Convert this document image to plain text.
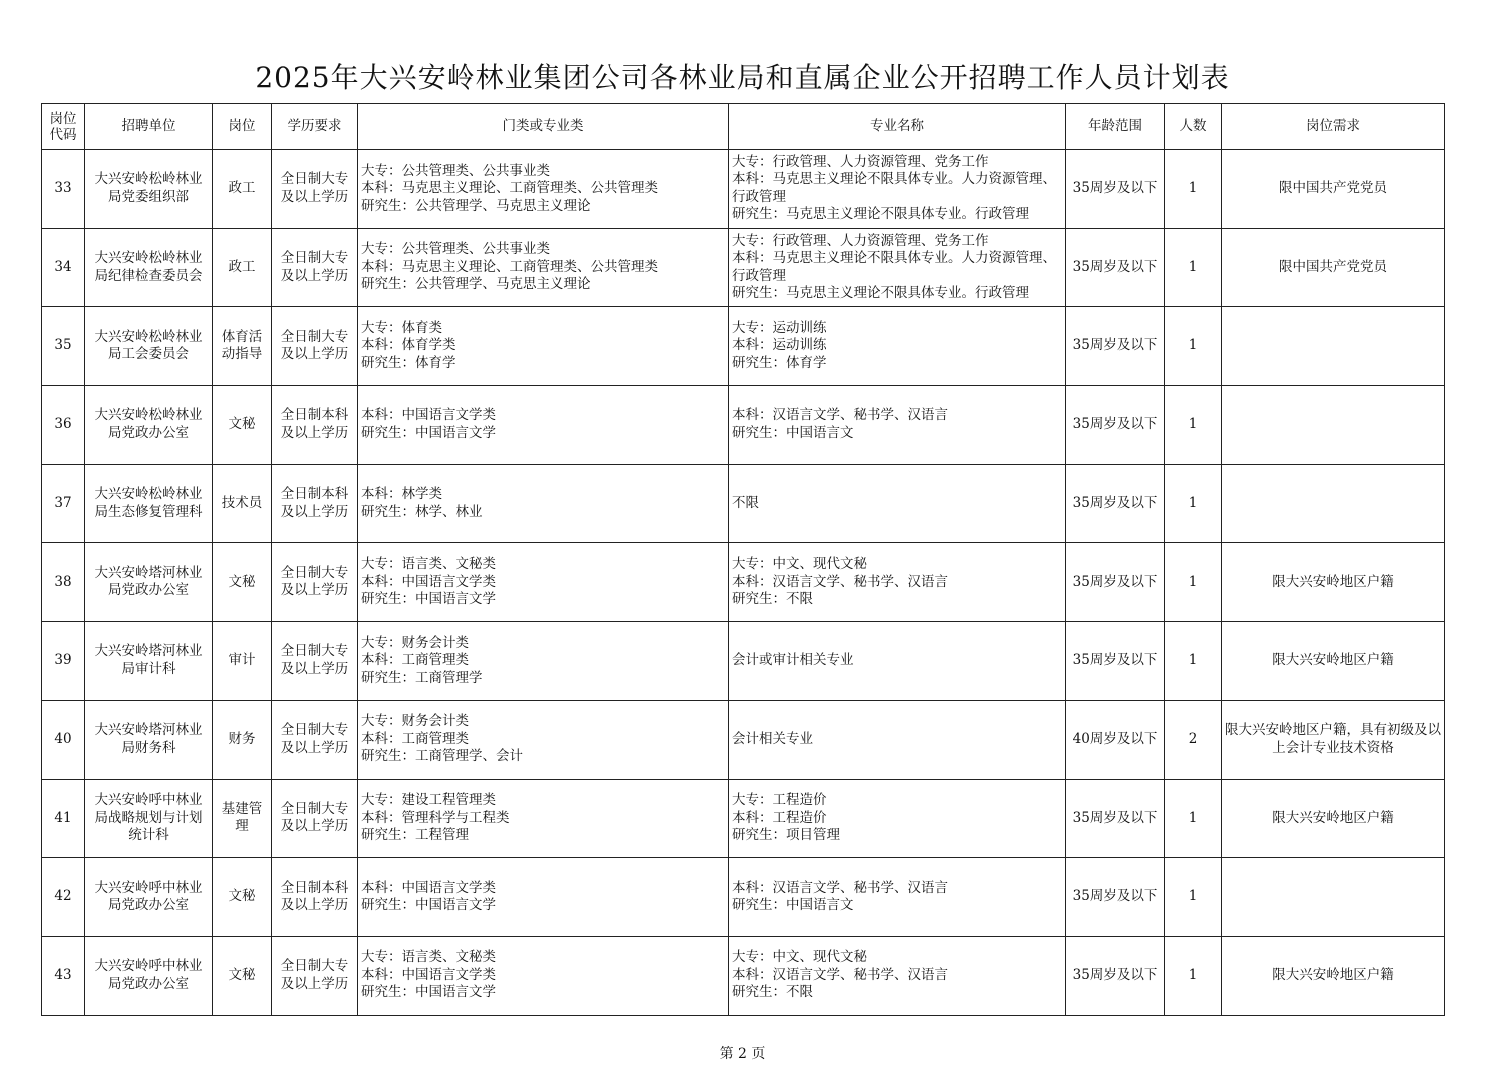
2025年大兴安岭林业集团公司各林业局和直属企业公开招聘工作人员计划表
岗位
代码	招聘单位	岗位	学历要求	门类或专业类	专业名称	年龄范围	人数	岗位需求

33	大兴安岭松岭林业局党委组织部	政工	全日制大专及以上学历	大专：公共管理类、公共事业类
本科：马克思主义理论、工商管理类、公共管理类
研究生：公共管理学、马克思主义理论	大专：行政管理、人力资源管理、党务工作
本科：马克思主义理论不限具体专业。人力资源管理、行政管理
研究生：马克思主义理论不限具体专业。行政管理	35周岁及以下	1	限中国共产党党员

34	大兴安岭松岭林业局纪律检查委员会	政工	全日制大专及以上学历	大专：公共管理类、公共事业类
本科：马克思主义理论、工商管理类、公共管理类
研究生：公共管理学、马克思主义理论	大专：行政管理、人力资源管理、党务工作
本科：马克思主义理论不限具体专业。人力资源管理、行政管理
研究生：马克思主义理论不限具体专业。行政管理	35周岁及以下	1	限中国共产党党员

35	大兴安岭松岭林业局工会委员会	体育活动指导	全日制大专及以上学历	大专：体育类
本科：体育学类
研究生：体育学	大专：运动训练
本科：运动训练
研究生：体育学	35周岁及以下	1	

36	大兴安岭松岭林业局党政办公室	文秘	全日制本科及以上学历	本科：中国语言文学类
研究生：中国语言文学	本科：汉语言文学、秘书学、汉语言
研究生：中国语言文	35周岁及以下	1	

37	大兴安岭松岭林业局生态修复管理科	技术员	全日制本科及以上学历	本科：林学类
研究生：林学、林业	不限	35周岁及以下	1	

38	大兴安岭塔河林业局党政办公室	文秘	全日制大专及以上学历	大专：语言类、文秘类
本科：中国语言文学类
研究生：中国语言文学	大专：中文、现代文秘
本科：汉语言文学、秘书学、汉语言
研究生：不限	35周岁及以下	1	限大兴安岭地区户籍

39	大兴安岭塔河林业局审计科	审计	全日制大专及以上学历	大专：财务会计类
本科：工商管理类
研究生：工商管理学	会计或审计相关专业	35周岁及以下	1	限大兴安岭地区户籍

40	大兴安岭塔河林业局财务科	财务	全日制大专及以上学历	大专：财务会计类
本科：工商管理类
研究生：工商管理学、会计	会计相关专业	40周岁及以下	2	限大兴安岭地区户籍，具有初级及以上会计专业技术资格

41	大兴安岭呼中林业局战略规划与计划统计科	基建管理	全日制大专及以上学历	大专：建设工程管理类
本科：管理科学与工程类
研究生：工程管理	大专：工程造价
本科：工程造价
研究生：项目管理	35周岁及以下	1	限大兴安岭地区户籍

42	大兴安岭呼中林业局党政办公室	文秘	全日制本科及以上学历	本科：中国语言文学类
研究生：中国语言文学	本科：汉语言文学、秘书学、汉语言
研究生：中国语言文	35周岁及以下	1	

43	大兴安岭呼中林业局党政办公室	文秘	全日制大专及以上学历	大专：语言类、文秘类
本科：中国语言文学类
研究生：中国语言文学	大专：中文、现代文秘
本科：汉语言文学、秘书学、汉语言
研究生：不限	35周岁及以下	1	限大兴安岭地区户籍
第 2 页
